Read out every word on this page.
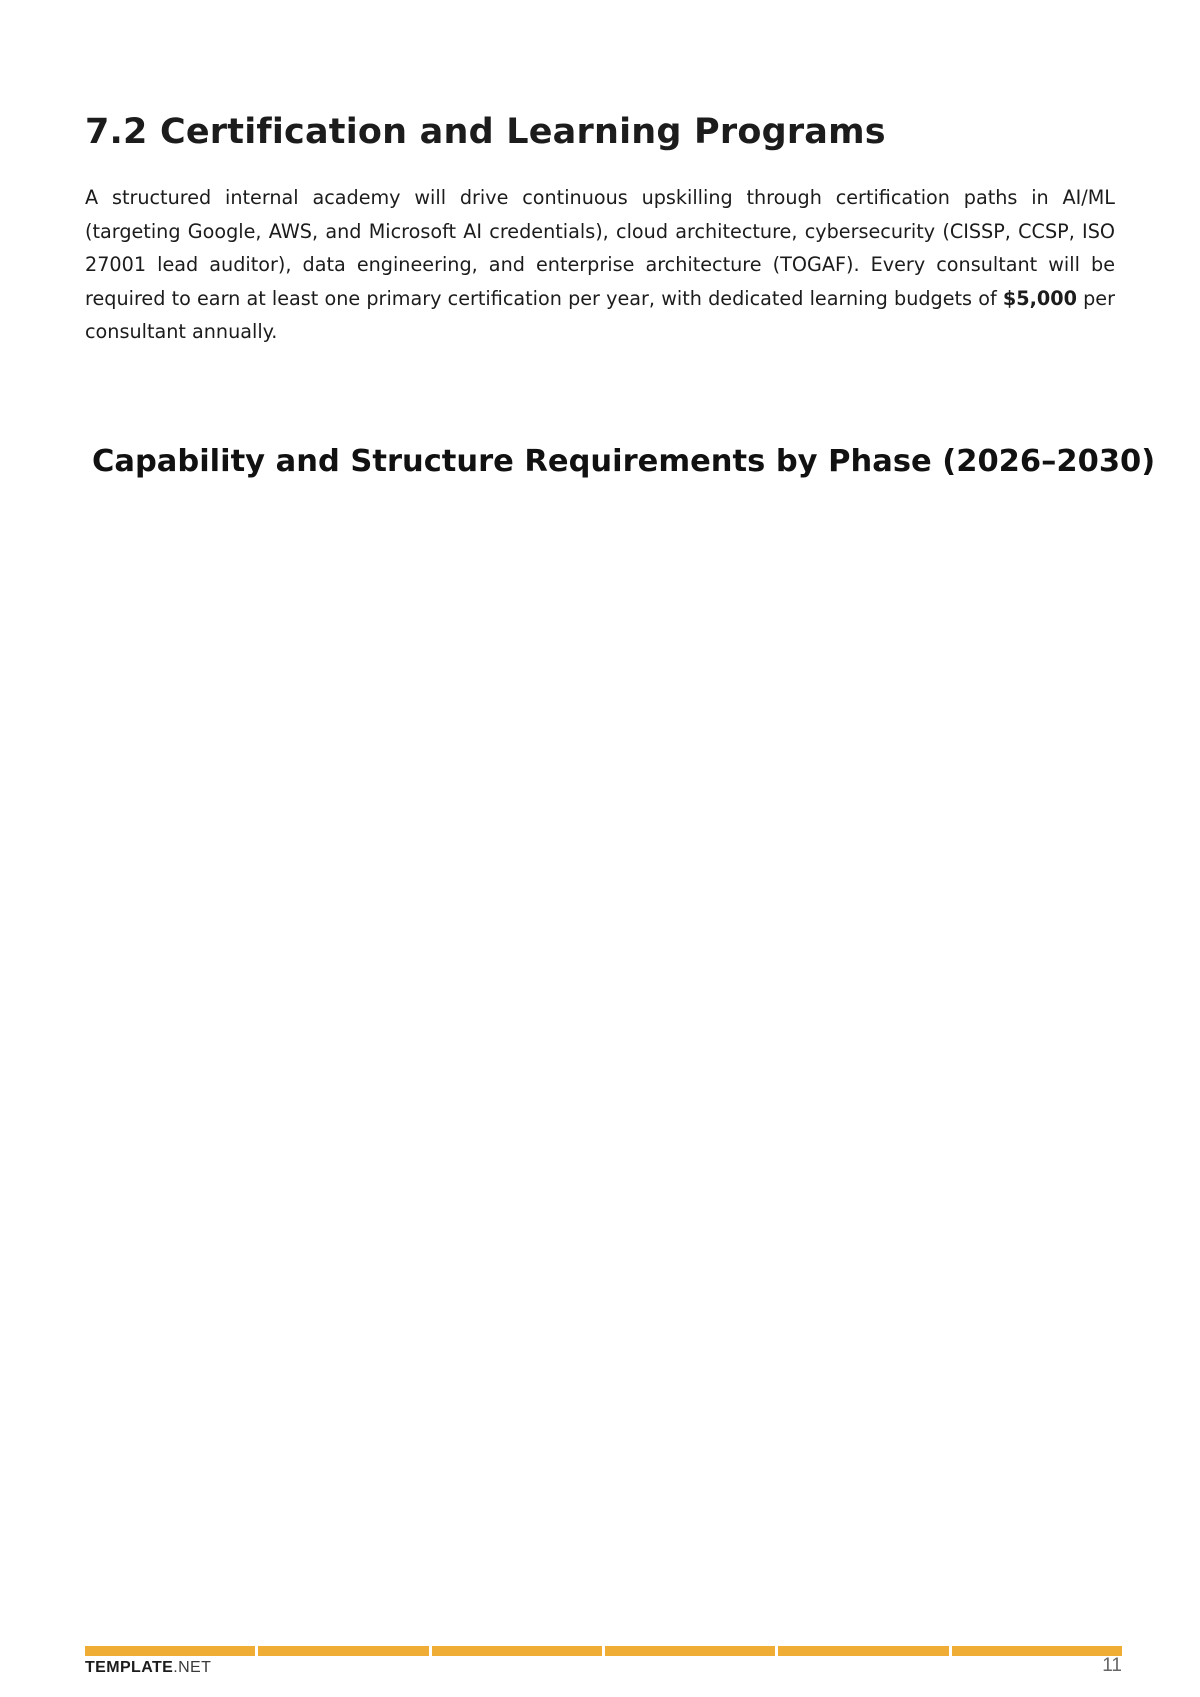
7.2 Certification and Learning Programs

A structured internal academy will drive continuous upskilling through certification paths in AI/ML (targeting Google, AWS, and Microsoft AI credentials), cloud architecture, cybersecurity (CISSP, CCSP, ISO 27001 lead auditor), data engineering, and enterprise architecture (TOGAF). Every consultant will be required to earn at least one primary certification per year, with dedicated learning budgets of $5,000 per consultant annually.

Capability and Structure Requirements by Phase (2026–2030)
TEMPLATE.NET	11
